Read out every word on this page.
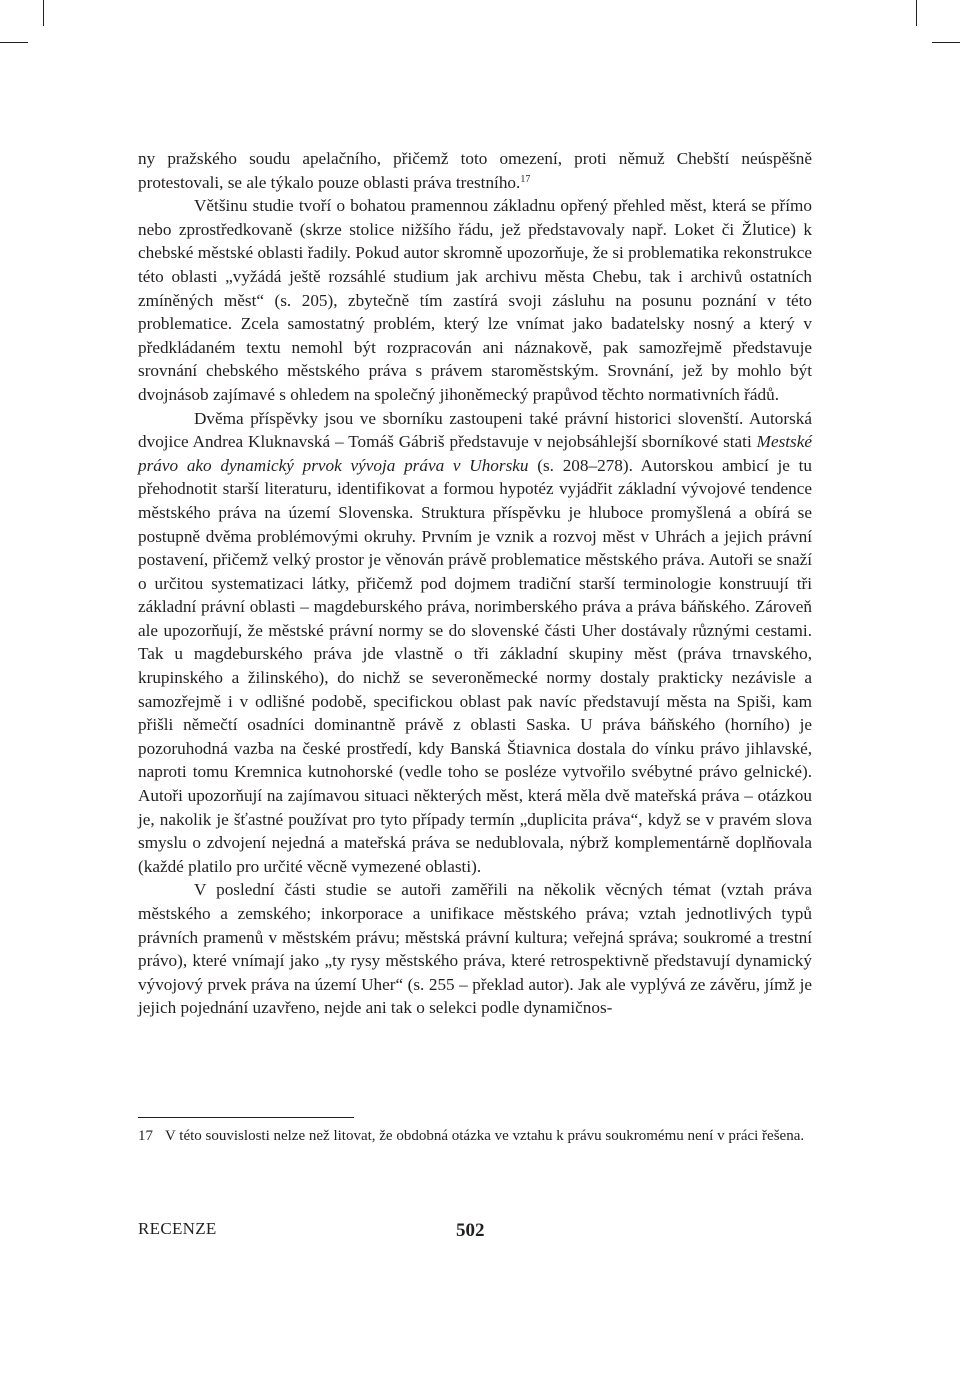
ny pražského soudu apelačního, přičemž toto omezení, proti němuž Chebští neúspěšně protestovali, se ale týkalo pouze oblasti práva trestního.$^{17}$

Většinu studie tvoří o bohatou pramennou základnu opřený přehled měst, která se přímo nebo zprostředkovaně (skrze stolice nižšího řádu, jež představovaly např. Loket či Žlutice) k chebské městské oblasti řadily. Pokud autor skromně upozorňuje, že si problematika rekonstrukce této oblasti „vyžádá ještě rozsáhlé studium jak archivu města Chebu, tak i archivů ostatních zmíněných měst“ (s. 205), zbytečně tím zastírá svoji zásluhu na posunu poznání v této problematice. Zcela samostatný problém, který lze vnímat jako badatelsky nosný a který v předkládaném textu nemohl být rozpracován ani náznakově, pak samozřejmě představuje srovnání chebského městského práva s právem staroměstským. Srovnání, jež by mohlo být dvojnásob zajímavé s ohledem na společný jihoněmecký prapůvod těchto normativních řádů.

Dvěma příspěvky jsou ve sborníku zastoupeni také právní historici slovenští. Autorská dvojice Andrea Kluknavská – Tomáš Gábriš představuje v nejobsáhlejší sborníkové stati Mestské právo ako dynamický prvok vývoja práva v Uhorsku (s. 208–278). Autorskou ambicí je tu přehodnotit starší literaturu, identifikovat a formou hypotéz vyjádřit základní vývojové tendence městského práva na území Slovenska. Struktura příspěvku je hluboce promyšlená a obírá se postupně dvěma problémovými okruhy. Prvním je vznik a rozvoj měst v Uhrách a jejich právní postavení, přičemž velký prostor je věnován právě problematice městského práva. Autoři se snaží o určitou systematizaci látky, přičemž pod dojmem tradiční starší terminologie konstruují tři základní právní oblasti – magdeburského práva, norimberského práva a práva báňského. Zároveň ale upozorňují, že městské právní normy se do slovenské části Uher dostávaly různými cestami. Tak u magdeburského práva jde vlastně o tři základní skupiny měst (práva trnavského, krupinského a žilinského), do nichž se severoněmecké normy dostaly prakticky nezávisle a samozřejmě i v odlišné podobě, specifickou oblast pak navíc představují města na Spiši, kam přišli němečtí osadníci dominantně právě z oblasti Saska. U práva báňského (horního) je pozoruhodná vazba na české prostředí, kdy Banská Štiavnica dostala do vínku právo jihlavské, naproti tomu Kremnica kutnohorské (vedle toho se posléze vytvořilo svébytné právo gelnické). Autoři upozorňují na zajímavou situaci některých měst, která měla dvě mateřská práva – otázkou je, nakolik je šťastné používat pro tyto případy termín „duplicita práva“, když se v pravém slova smyslu o zdvojení nejedná a mateřská práva se nedublovala, nýbrž komplementárně doplňovala (každé platilo pro určité věcně vymezené oblasti).

V poslední části studie se autoři zaměřili na několik věcných témat (vztah práva městského a zemského; inkorporace a unifikace městského práva; vztah jednotlivých typů právních pramenů v městském právu; městská právní kultura; veřejná správa; soukromé a trestní právo), které vnímají jako „ty rysy městského práva, které retrospektivně představují dynamický vývojový prvek práva na území Uher“ (s. 255 – překlad autor). Jak ale vyplývá ze závěru, jímž je jejich pojednání uzavřeno, nejde ani tak o selekci podle dynamičnos-

17 V této souvislosti nelze než litovat, že obdobná otázka ve vztahu k právu soukromému není v práci řešena.
RECENZE	502
